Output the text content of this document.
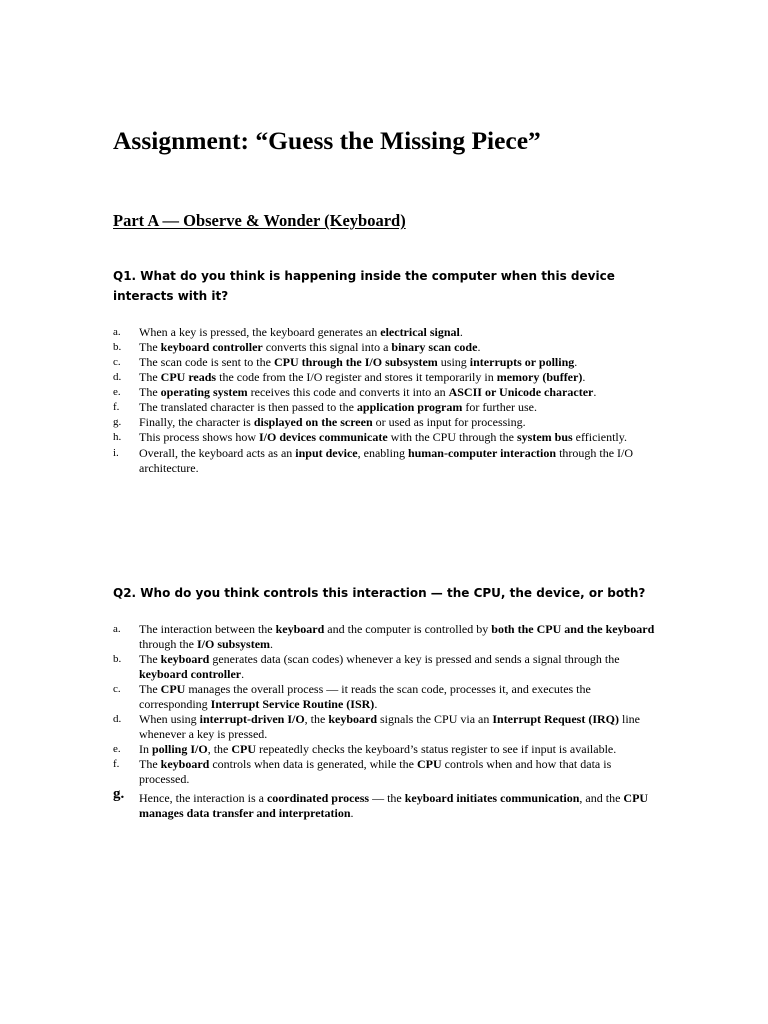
Assignment: “Guess the Missing Piece”
Part A — Observe & Wonder (Keyboard)

Q1. What do you think is happening inside the computer when this device interacts with it?

a. When a key is pressed, the keyboard generates an electrical signal.
b. The keyboard controller converts this signal into a binary scan code.
c. The scan code is sent to the CPU through the I/O subsystem using interrupts or polling.
d. The CPU reads the code from the I/O register and stores it temporarily in memory (buffer).
e. The operating system receives this code and converts it into an ASCII or Unicode character.
f. The translated character is then passed to the application program for further use.
g. Finally, the character is displayed on the screen or used as input for processing.
h. This process shows how I/O devices communicate with the CPU through the system bus efficiently.
i. Overall, the keyboard acts as an input device, enabling human-computer interaction through the I/O architecture.

Q2. Who do you think controls this interaction — the CPU, the device, or both?

a. The interaction between the keyboard and the computer is controlled by both the CPU and the keyboard through the I/O subsystem.
b. The keyboard generates data (scan codes) whenever a key is pressed and sends a signal through the keyboard controller.
c. The CPU manages the overall process — it reads the scan code, processes it, and executes the corresponding Interrupt Service Routine (ISR).
d. When using interrupt-driven I/O, the keyboard signals the CPU via an Interrupt Request (IRQ) line whenever a key is pressed.
e. In polling I/O, the CPU repeatedly checks the keyboard’s status register to see if input is available.
f. The keyboard controls when data is generated, while the CPU controls when and how that data is processed.
g. Hence, the interaction is a coordinated process — the keyboard initiates communication, and the CPU manages data transfer and interpretation.
